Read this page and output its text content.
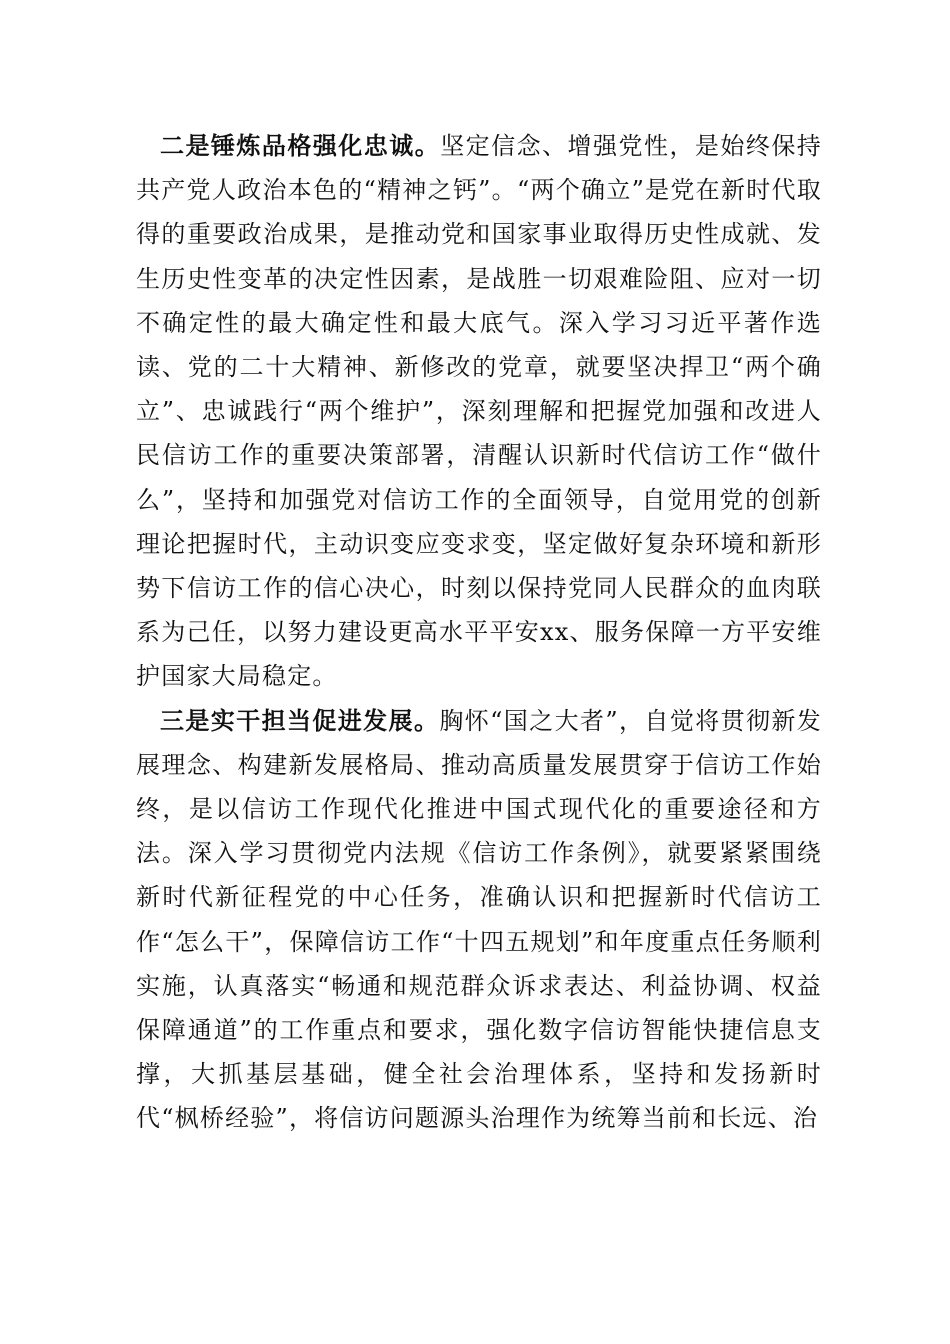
二是锤炼品格强化忠诚。坚定信念、增强党性，是始终保持共产党人政治本色的“精神之钙”。“两个确立”是党在新时代取得的重要政治成果，是推动党和国家事业取得历史性成就、发生历史性变革的决定性因素，是战胜一切艰难险阻、应对一切不确定性的最大确定性和最大底气。深入学习习近平著作选读、党的二十大精神、新修改的党章，就要坚决捍卫“两个确立”、忠诚践行“两个维护”，深刻理解和把握党加强和改进人民信访工作的重要决策部署，清醒认识新时代信访工作“做什么”，坚持和加强党对信访工作的全面领导，自觉用党的创新理论把握时代，主动识变应变求变，坚定做好复杂环境和新形势下信访工作的信心决心，时刻以保持党同人民群众的血肉联系为己任，以努力建设更高水平平安xx、服务保障一方平安维护国家大局稳定。

三是实干担当促进发展。胸怀“国之大者”，自觉将贯彻新发展理念、构建新发展格局、推动高质量发展贯穿于信访工作始终，是以信访工作现代化推进中国式现代化的重要途径和方法。深入学习贯彻党内法规《信访工作条例》，就要紧紧围绕新时代新征程党的中心任务，准确认识和把握新时代信访工作“怎么干”，保障信访工作“十四五规划”和年度重点任务顺利实施，认真落实“畅通和规范群众诉求表达、利益协调、权益保障通道”的工作重点和要求，强化数字信访智能快捷信息支撑，大抓基层基础，健全社会治理体系，坚持和发扬新时代“枫桥经验”，将信访问题源头治理作为统筹当前和长远、治
